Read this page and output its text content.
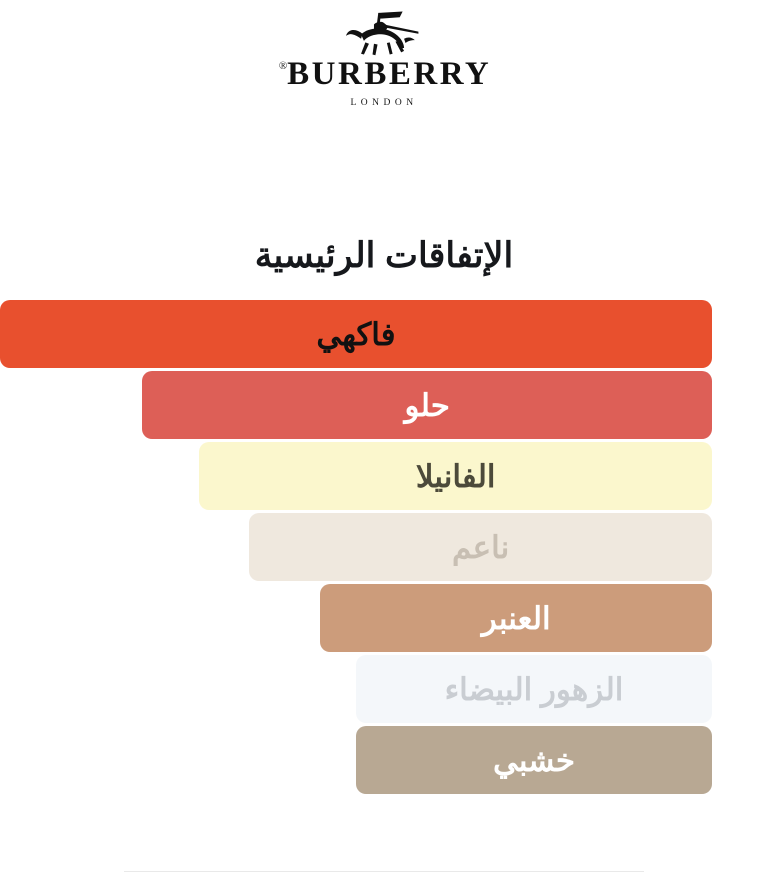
BURBERRY
®
LONDON
الإتفاقات الرئيسية
فاكهي
حلو
الفانيلا
ناعم
العنبر
الزهور البيضاء
خشبي
